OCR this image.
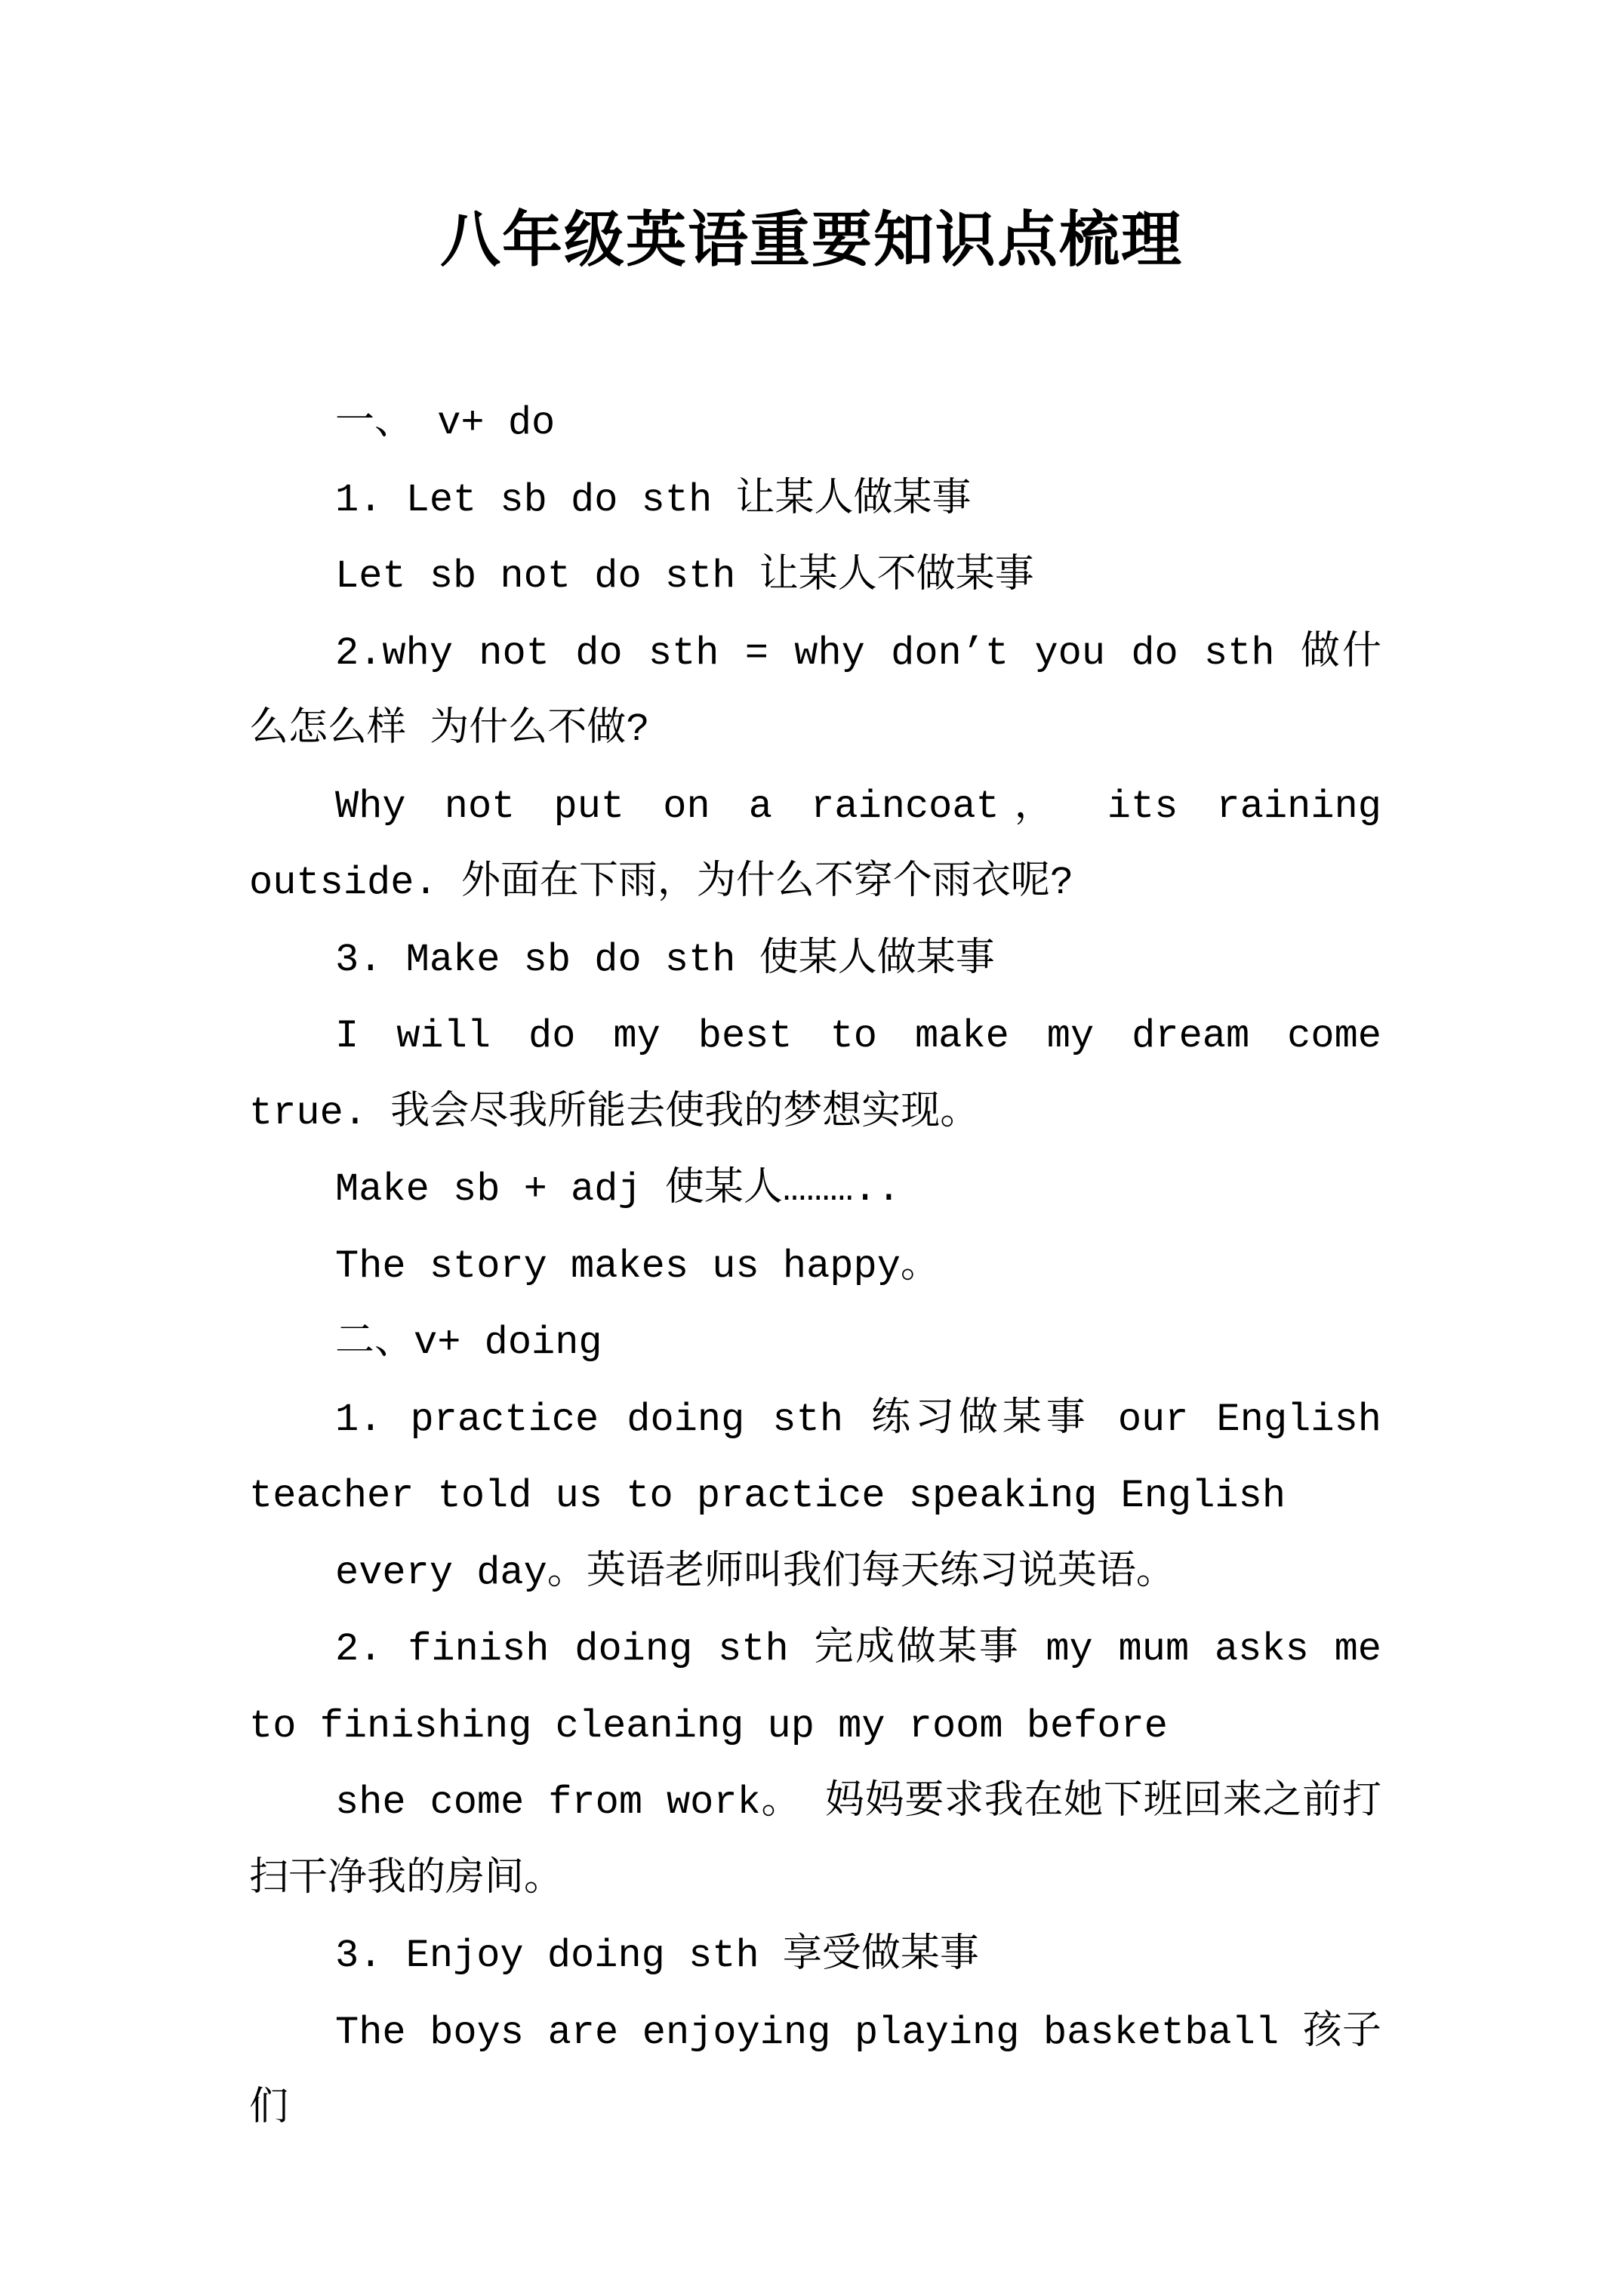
八年级英语重要知识点梳理

一、 v+ do

1. Let sb do sth 让某人做某事

Let sb not do sth 让某人不做某事

2.why not do sth = why don’t you do sth 做什么怎么样 为什么不做?

Why not put on a raincoat， its raining outside. 外面在下雨，为什么不穿个雨衣呢?

3. Make sb do sth 使某人做某事

I will do my best to make my dream come true. 我会尽我所能去使我的梦想实现。

Make sb + adj 使某人………..

The story makes us happy。

二、v+ doing

1. practice doing sth 练习做某事 our English teacher told us to practice speaking English

every day。英语老师叫我们每天练习说英语。

2. finish doing sth 完成做某事 my mum asks me to finishing cleaning up my room before

she come from work。 妈妈要求我在她下班回来之前打扫干净我的房间。

3. Enjoy doing sth 享受做某事

The boys are enjoying playing basketball 孩子们
